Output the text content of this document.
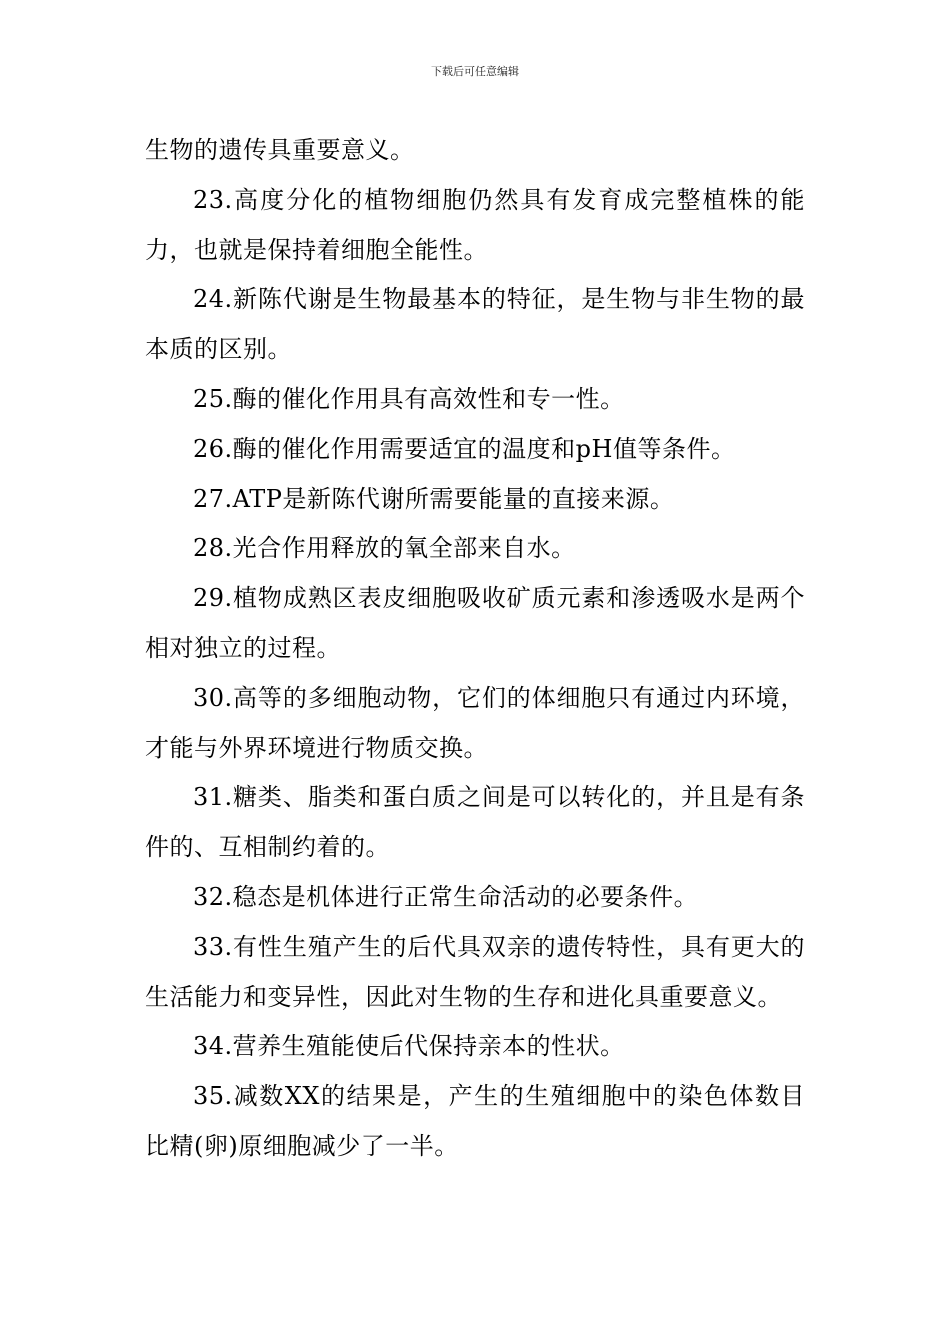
下载后可任意编辑

生物的遗传具重要意义。

23.高度分化的植物细胞仍然具有发育成完整植株的能力，也就是保持着细胞全能性。

24.新陈代谢是生物最基本的特征，是生物与非生物的最本质的区别。

25.酶的催化作用具有高效性和专一性。

26.酶的催化作用需要适宜的温度和pH值等条件。

27.ATP是新陈代谢所需要能量的直接来源。

28.光合作用释放的氧全部来自水。

29.植物成熟区表皮细胞吸收矿质元素和渗透吸水是两个相对独立的过程。

30.高等的多细胞动物，它们的体细胞只有通过内环境，才能与外界环境进行物质交换。

31.糖类、脂类和蛋白质之间是可以转化的，并且是有条件的、互相制约着的。

32.稳态是机体进行正常生命活动的必要条件。

33.有性生殖产生的后代具双亲的遗传特性，具有更大的生活能力和变异性，因此对生物的生存和进化具重要意义。

34.营养生殖能使后代保持亲本的性状。

35.减数XX的结果是，产生的生殖细胞中的染色体数目比精(卵)原细胞减少了一半。
